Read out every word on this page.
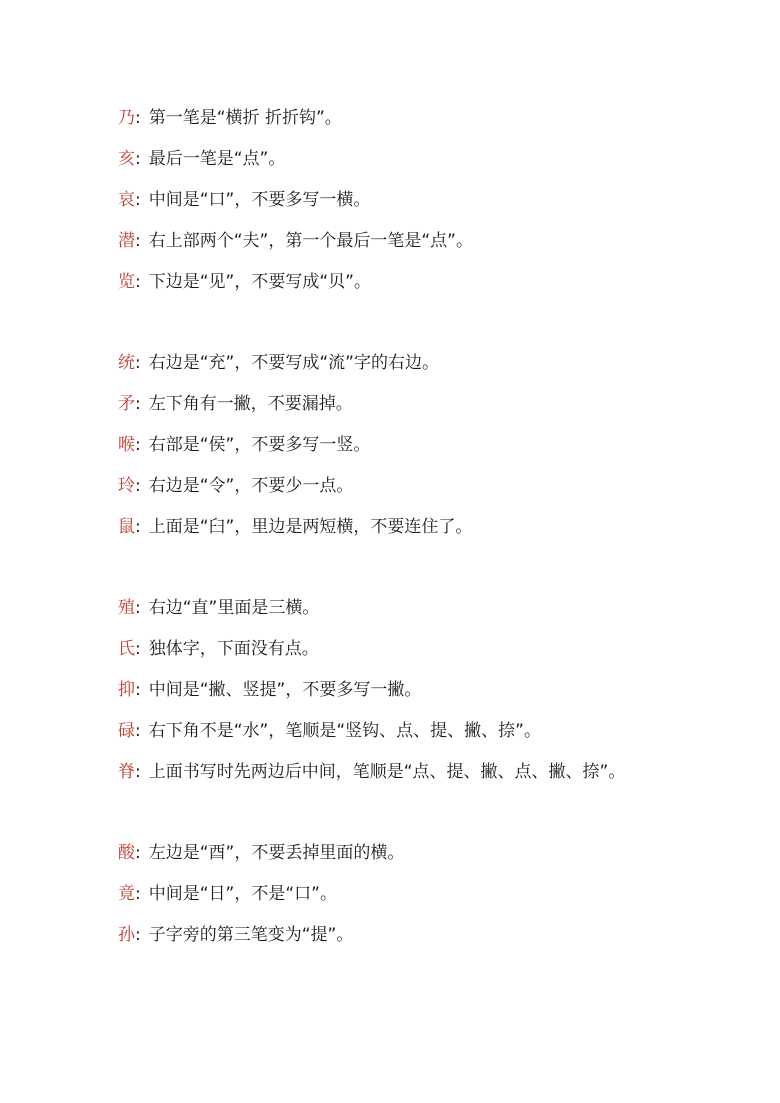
乃: 第一笔是“横折 折折钩”。
亥: 最后一笔是“点”。
哀: 中间是“口”，不要多写一横。
潜: 右上部两个“夫”，第一个最后一笔是“点”。
览: 下边是“见”，不要写成“贝”。
统: 右边是“充”，不要写成“流”字的右边。
矛: 左下角有一撇，不要漏掉。
喉: 右部是“侯”，不要多写一竖。
玲: 右边是“令”，不要少一点。
鼠: 上面是“臼”，里边是两短横，不要连住了。
殖: 右边“直”里面是三横。
氏: 独体字，下面没有点。
抑: 中间是“撇、竖提”，不要多写一撇。
碌: 右下角不是“水”，笔顺是“竖钩、点、提、撇、捺”。
脊: 上面书写时先两边后中间，笔顺是“点、提、撇、点、撇、捺”。
酸: 左边是“酉”，不要丢掉里面的横。
竟: 中间是“日”，不是“口”。
孙: 子字旁的第三笔变为“提”。
